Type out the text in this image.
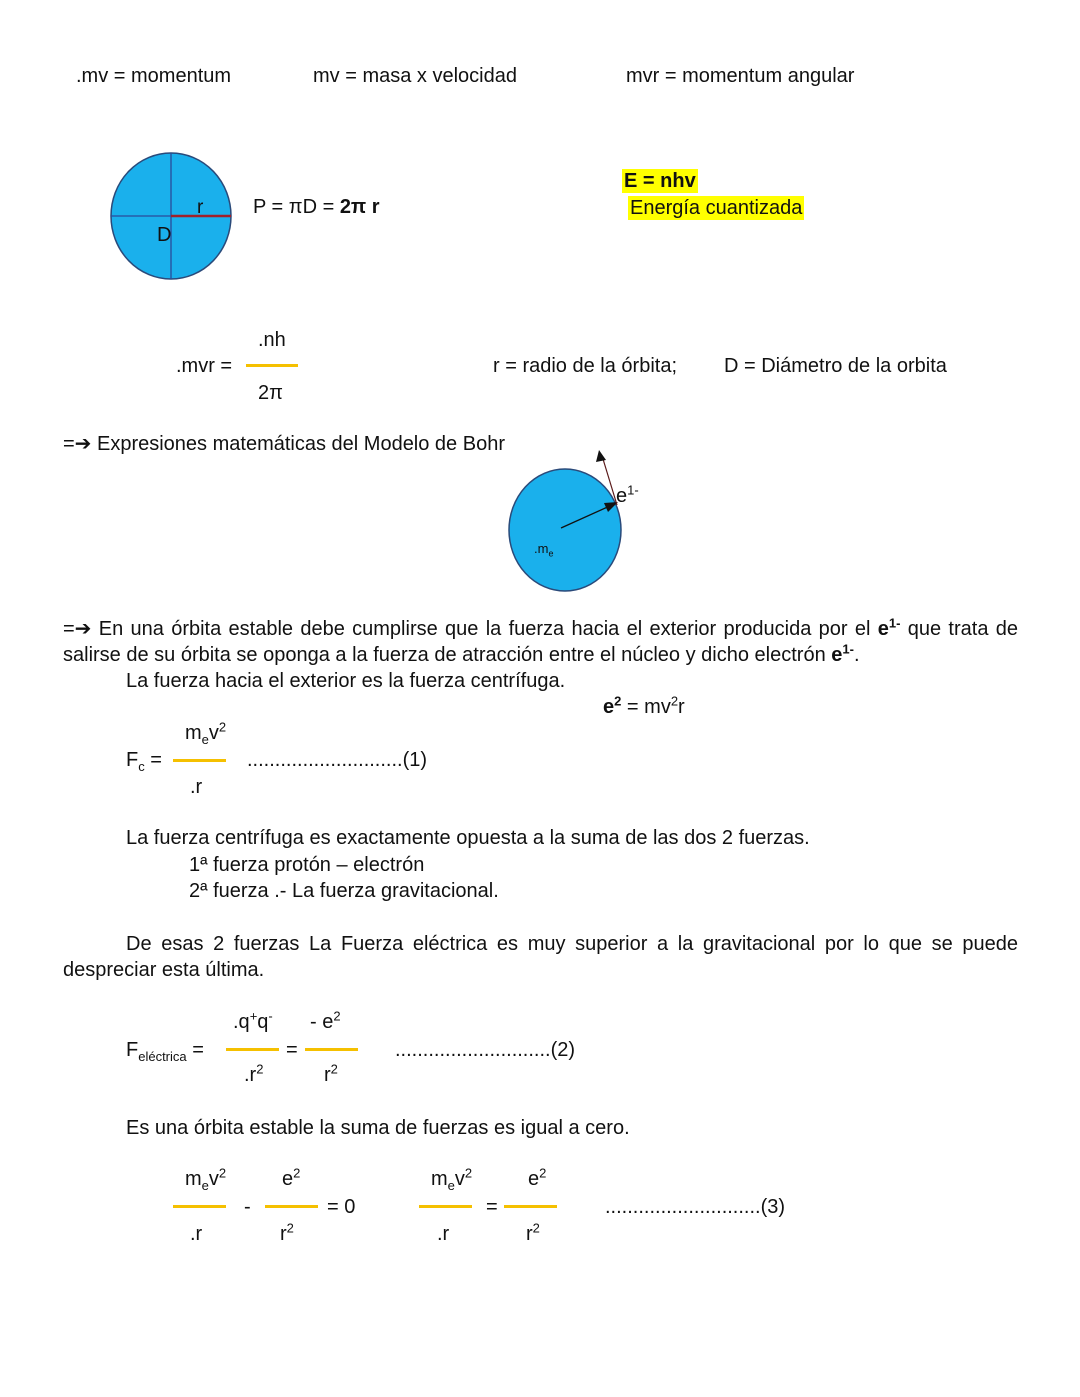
.mv = momentum	mv = masa x velocidad	mvr = momentum angular
r
D
P = πD = 2π r
E = nhv
Energía cuantizada
.nh
.mvr =
2π
r = radio de la órbita; D = Diámetro de la orbita
=➔ Expresiones matemáticas del Modelo de Bohr
$e^{1-}$
$.m_e$
=➔ En una órbita estable debe cumplirse que la fuerza hacia el exterior producida por el $e^{1-}$ que trata de salirse de su órbita se oponga a la fuerza de atracción entre el núcleo y dicho electrón $e^{1-}$.
La fuerza hacia el exterior es la fuerza centrífuga.
$e^2 = mv^2r$
$m_ev^2$
$F_c$ =
.r
............................(1)
La fuerza centrífuga es exactamente opuesta a la suma de las dos 2 fuerzas.
1ª fuerza protón – electrón
2ª fuerza .- La fuerza gravitacional.
De esas 2 fuerzas La Fuerza eléctrica es muy superior a la gravitacional por lo que se puede despreciar esta última.
$.q^+q^- - e^2$
$F_{eléctrica}$ =	=
$.r^2$	$r^2$
............................(2)
Es una órbita estable la suma de fuerzas es igual a cero.
$m_ev^2$	$e^2$
-	= 0
.r	$r^2$
$m_ev^2$	$e^2$
=
.r	$r^2$
............................(3)
